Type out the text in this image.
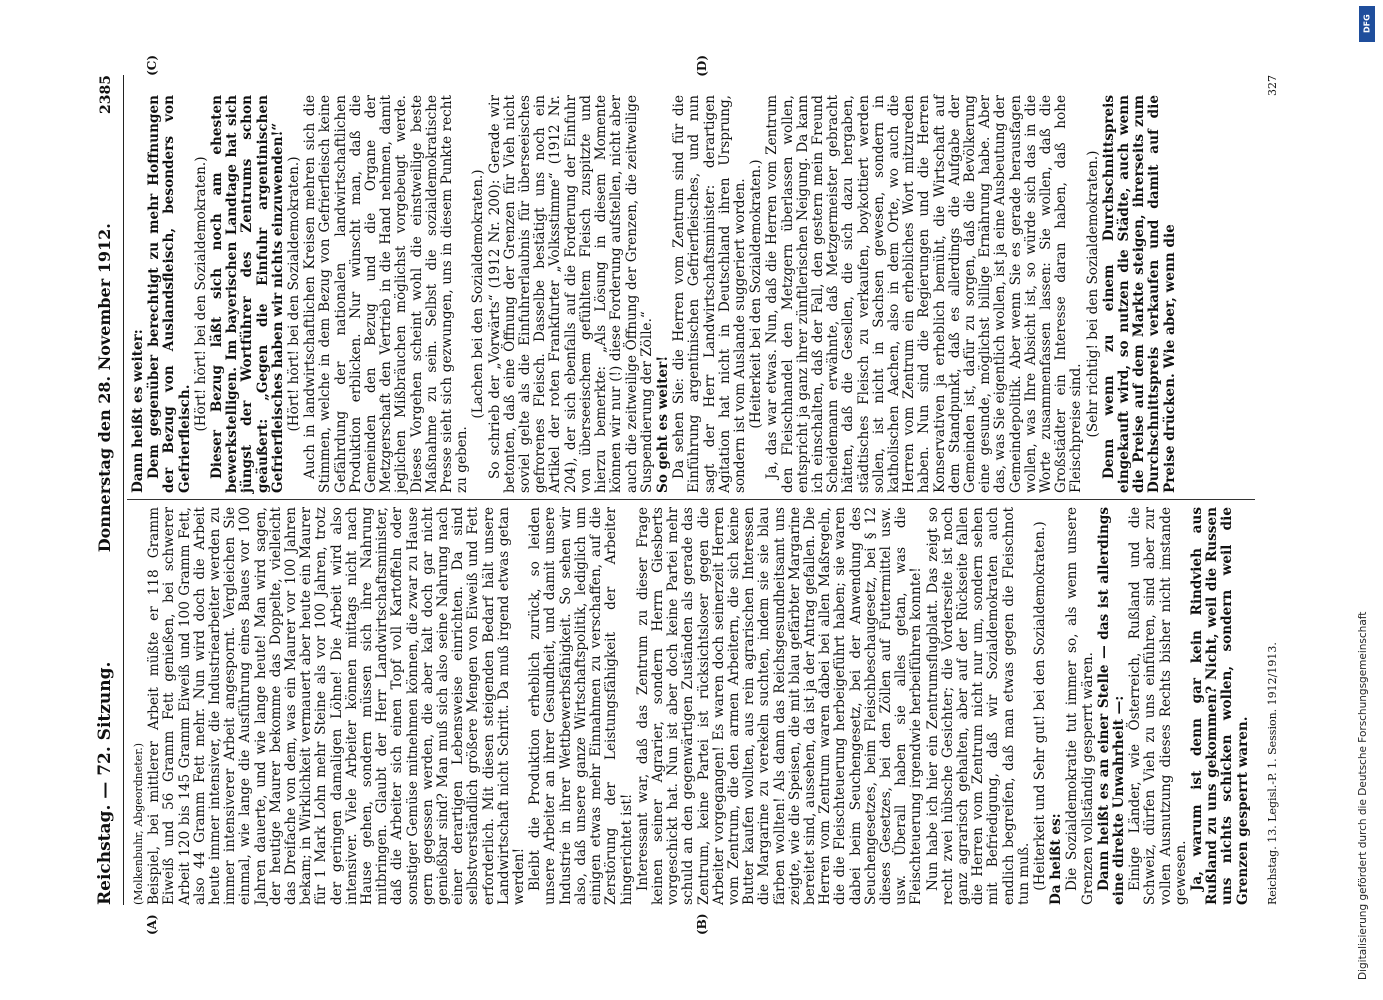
Reichstag. — 72. Sitzung.
Donnerstag den 28. November 1912.
2385
(A)	(B)
(C)	(D)

(Molkenbuhr, Abgeordneter.) Beispiel, bei mittlerer Arbeit müßte er 118 Gramm Eiweiß und 56 Gramm Fett genießen, bei schwerer Arbeit 120 bis 145 Gramm Eiweiß und 100 Gramm Fett, also 44 Gramm Fett mehr. Nun wird doch die Arbeit heute immer intensiver, die Industriearbeiter werden zu immer intensiverer Arbeit angespornt. Vergleichen Sie einmal, wie lange die Ausführung eines Baues vor 100 Jahren dauerte, und wie lange heute! Man wird sagen, der heutige Maurer bekomme das Doppelte, vielleicht das Dreifache von dem, was ein Maurer vor 100 Jahren bekam; in Wirklichkeit vermauert aber heute ein Maurer für 1 Mark Lohn mehr Steine als vor 100 Jahren, trotz der geringen damaligen Löhne! Die Arbeit wird also intensiver. Viele Arbeiter können mittags nicht nach Hause gehen, sondern müssen sich ihre Nahrung mitbringen. Glaubt der Herr Landwirtschaftsminister, daß die Arbeiter sich einen Topf voll Kartoffeln oder sonstiger Gemüse mitnehmen können, die zwar zu Hause gern gegessen werden, die aber kalt doch gar nicht genießbar sind? Man muß sich also seine Nahrung nach einer derartigen Lebensweise einrichten. Da sind selbstverständlich größere Mengen von Eiweiß und Fett erforderlich. Mit diesen steigenden Bedarf hält unsere Landwirtschaft nicht Schritt. Da muß irgend etwas getan werden! Bleibt die Produktion erheblich zurück, so leiden unsere Arbeiter an ihrer Gesundheit, und damit unsere Industrie in ihrer Wettbewerbsfähigkeit. So sehen wir also, daß unsere ganze Wirtschaftspolitik, lediglich um einigen etwas mehr Einnahmen zu verschaffen, auf die Zerstörung der Leistungsfähigkeit der Arbeiter hingerichtet ist! Interessant war, daß das Zentrum zu dieser Frage keinen seiner Agrarier, sondern Herrn Giesberts vorgeschickt hat. Nun ist aber doch keine Partei mehr schuld an den gegenwärtigen Zuständen als gerade das Zentrum, keine Partei ist rücksichtsloser gegen die Arbeiter vorgegangen! Es waren doch seinerzeit Herren vom Zentrum, die den armen Arbeitern, die sich keine Butter kaufen wollten, aus rein agrarischen Interessen die Margarine zu verekeln suchten, indem sie sie blau färben wollten! Als dann das Reichsgesundheitsamt uns zeigte, wie die Speisen, die mit blau gefärbter Margarine bereitet sind, aussehen, da ist ja der Antrag gefallen. Die Herren vom Zentrum waren dabei bei allen Maßregeln, die die Fleischteuerung herbeigeführt haben; sie waren dabei beim Seuchengesetz, bei der Anwendung des Seuchengesetzes, beim Fleischbeschaugesetz, bei § 12 dieses Gesetzes, bei den Zöllen auf Futtermittel usw. usw. Überall haben sie alles getan, was die Fleischteuerung irgendwie herbeiführen konnte! Nun habe ich hier ein Zentrumsflugblatt. Das zeigt so recht zwei hübsche Gesichter; die Vorderseite ist noch ganz agrarisch gehalten, aber auf der Rückseite fallen die Herren vom Zentrum nicht nur um, sondern sehen mit Befriedigung, daß wir Sozialdemokraten auch endlich begreifen, daß man etwas gegen die Fleischnot tun muß. (Heiterkeit und Sehr gut! bei den Sozialdemokraten.) Da heißt es: Die Sozialdemokratie tut immer so, als wenn unsere Grenzen vollständig gesperrt wären. Dann heißt es an einer Stelle — das ist allerdings eine direkte Unwahrheit —: Einige Länder, wie Österreich, Rußland und die Schweiz, dürfen Vieh zu uns einführen, sind aber zur vollen Ausnutzung dieses Rechts bisher nicht imstande gewesen. Ja, warum ist denn gar kein Rindvieh aus Rußland zu uns gekommen? Nicht, weil die Russen uns nichts schicken wollen, sondern weil die Grenzen gesperrt waren.

Dann heißt es weiter: Dem gegenüber berechtigt zu mehr Hoffnungen der Bezug von Auslandsfleisch, besonders von Gefrierfleisch.

(Hört! hört! bei den Sozialdemokraten.) Dieser Bezug läßt sich noch am ehesten bewerkstelligen. Im bayerischen Landtage hat sich jüngst der Wortführer des Zentrums schon geäußert: „Gegen die Einfuhr argentinischen Gefrierfleisches haben wir nichts einzuwenden!“ (Hört! hört! bei den Sozialdemokraten.) Auch in landwirtschaftlichen Kreisen mehren sich die Stimmen, welche in dem Bezug von Gefrierfleisch keine Gefährdung der nationalen landwirtschaftlichen Produktion erblicken. Nur wünscht man, daß die Gemeinden den Bezug und die Organe der Metzgerschaft den Vertrieb in die Hand nehmen, damit jeglichen Mißbräuchen möglichst vorgebeugt werde. Dieses Vorgehen scheint wohl die einstweilige beste Maßnahme zu sein. Selbst die sozialdemokratische Presse sieht sich gezwungen, uns in diesem Punkte recht zu geben.

(Lachen bei den Sozialdemokraten.) So schrieb der „Vorwärts“ (1912 Nr. 200): Gerade wir betonten, daß eine Öffnung der Grenzen für Vieh nicht soviel gelte als die Einfuhrerlaubnis für überseeisches gefrorenes Fleisch. Dasselbe bestätigt uns noch ein Artikel der roten Frankfurter „Volksstimme“ (1912 Nr. 204), der sich ebenfalls auf die Forderung der Einfuhr von überseeischem gefühltem Fleisch zuspitzte und hierzu bemerkte: „Als Lösung in diesem Momente können wir nur (!) diese Forderung aufstellen, nicht aber auch die zeitweilige Öffnung der Grenzen, die zeitweilige Suspendierung der Zölle.“ So geht es weiter! Da sehen Sie: die Herren vom Zentrum sind für die Einführung argentinischen Gefrierfleisches, und nun sagt der Herr Landwirtschaftsminister: derartigen Agitation hat nicht in Deutschland ihren Ursprung, sondern ist vom Auslande suggeriert worden. (Heiterkeit bei den Sozialdemokraten.) Ja, das war etwas. Nun, daß die Herren vom Zentrum den Fleischhandel den Metzgern überlassen wollen, entspricht ja ganz ihrer zünftlerischen Neigung. Da kann ich einschalten, daß der Fall, den gestern mein Freund Scheidemann erwähnte, daß Metzgermeister gebracht hätten, daß die Gesellen, die sich dazu hergaben, städtisches Fleisch zu verkaufen, boykottiert werden sollen, ist nicht in Sachsen gewesen, sondern in katholischen Aachen, also in dem Orte, wo auch die Herren vom Zentrum ein erhebliches Wort mitzureden haben. Nun sind die Regierungen und die Herren Konservativen ja erheblich bemüht, die Wirtschaft auf dem Standpunkt, daß es allerdings die Aufgabe der Gemeinden ist, dafür zu sorgen, daß die Bevölkerung eine gesunde, möglichst billige Ernährung habe. Aber das, was Sie eigentlich wollen, ist ja eine Ausbeutung der Gemeindepolitik. Aber wenn Sie es gerade herausfagen wollen, was Ihre Absicht ist, so würde sich das in die Worte zusammenfassen lassen: Sie wollen, daß die Großstädter ein Interesse daran haben, daß hohe Fleischpreise sind. (Sehr richtig! bei den Sozialdemokraten.) Denn wenn zu einem Durchschnittspreis eingekauft wird, so nutzen die Städte, auch wenn die Preise auf dem Markte steigen, ihrerseits zum Durchschnittspreis verkaufen und damit auf die Preise drücken. Wie aber, wenn die

Reichstag. 13. Legisl.-P. 1. Session. 1912/1913.
327
DFG
Digitalisierung gefördert durch die Deutsche Forschungsgemeinschaft
